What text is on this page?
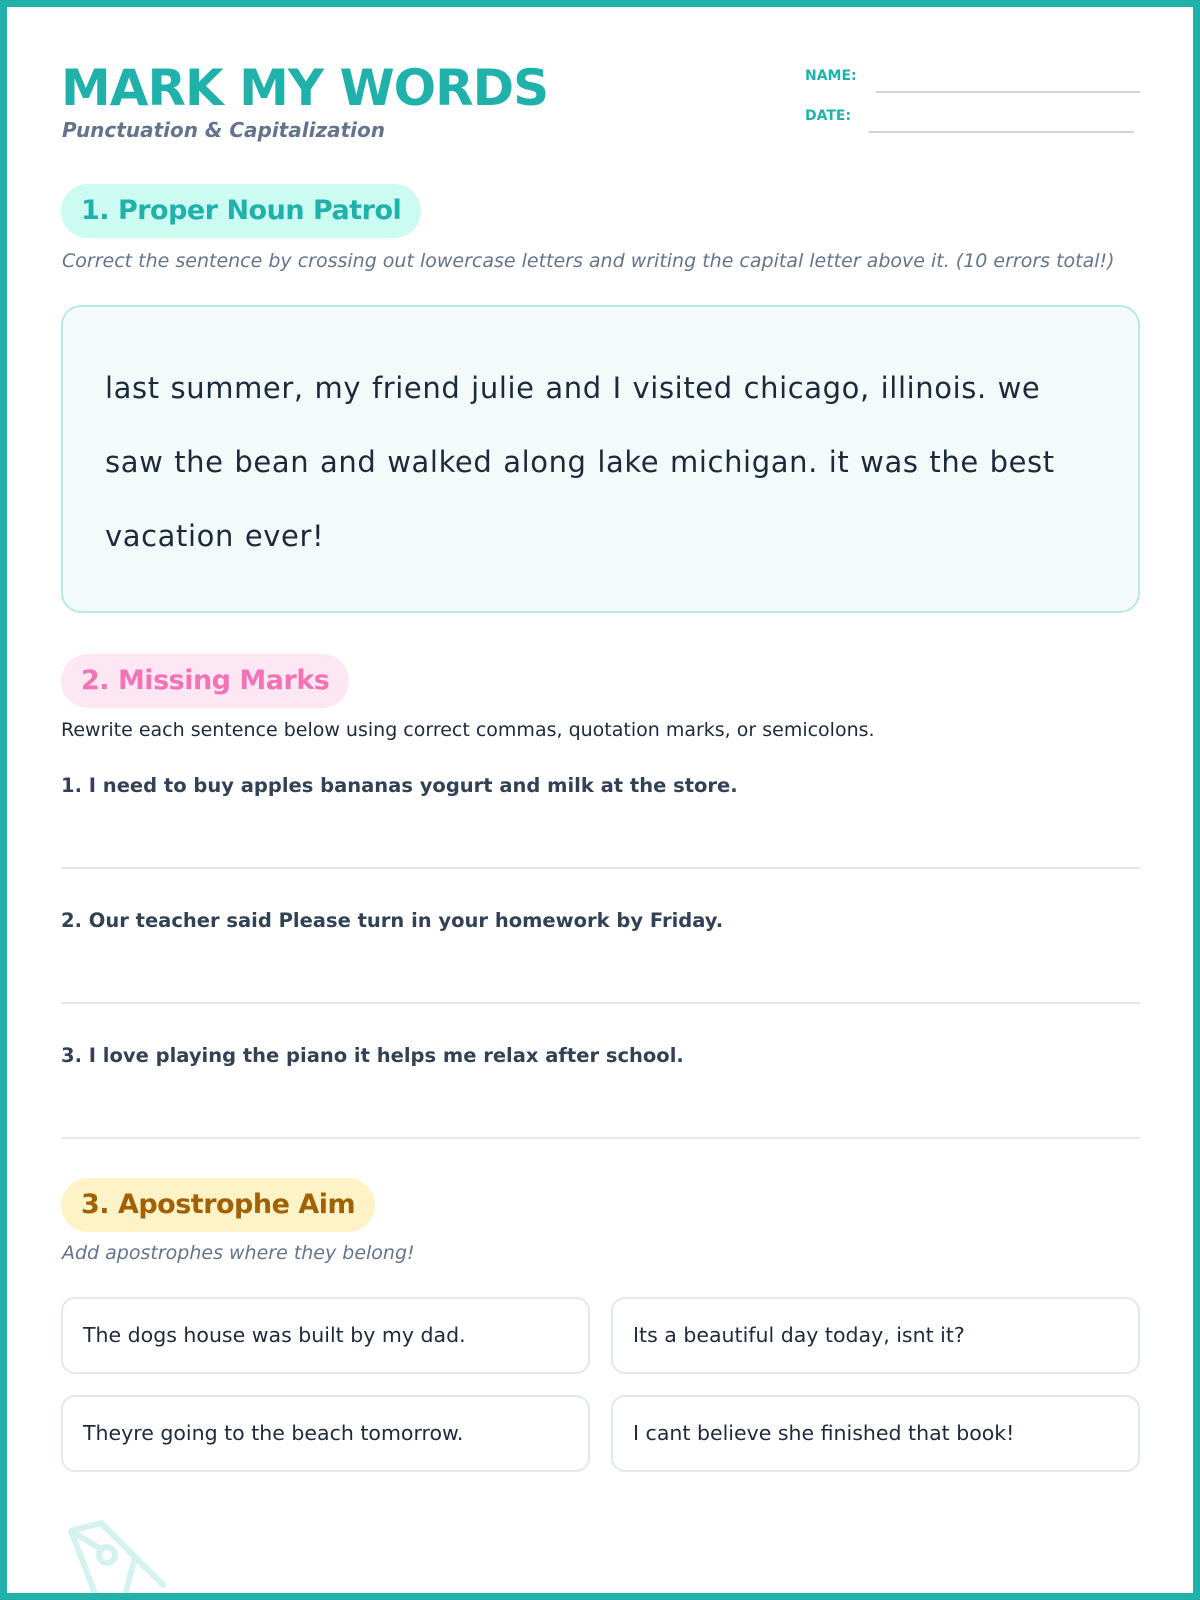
MARK MY WORDS
Punctuation & Capitalization
NAME:
DATE:
1. Proper Noun Patrol
Correct the sentence by crossing out lowercase letters and writing the capital letter above it. (10 errors total!)
last summer, my friend julie and I visited chicago, illinois. we saw the bean and walked along lake michigan. it was the best vacation ever!
2. Missing Marks
Rewrite each sentence below using correct commas, quotation marks, or semicolons.
1. I need to buy apples bananas yogurt and milk at the store.
2. Our teacher said Please turn in your homework by Friday.
3. I love playing the piano it helps me relax after school.
3. Apostrophe Aim
Add apostrophes where they belong!
The dogs house was built by my dad.	Its a beautiful day today, isnt it?
Theyre going to the beach tomorrow.	I cant believe she finished that book!
